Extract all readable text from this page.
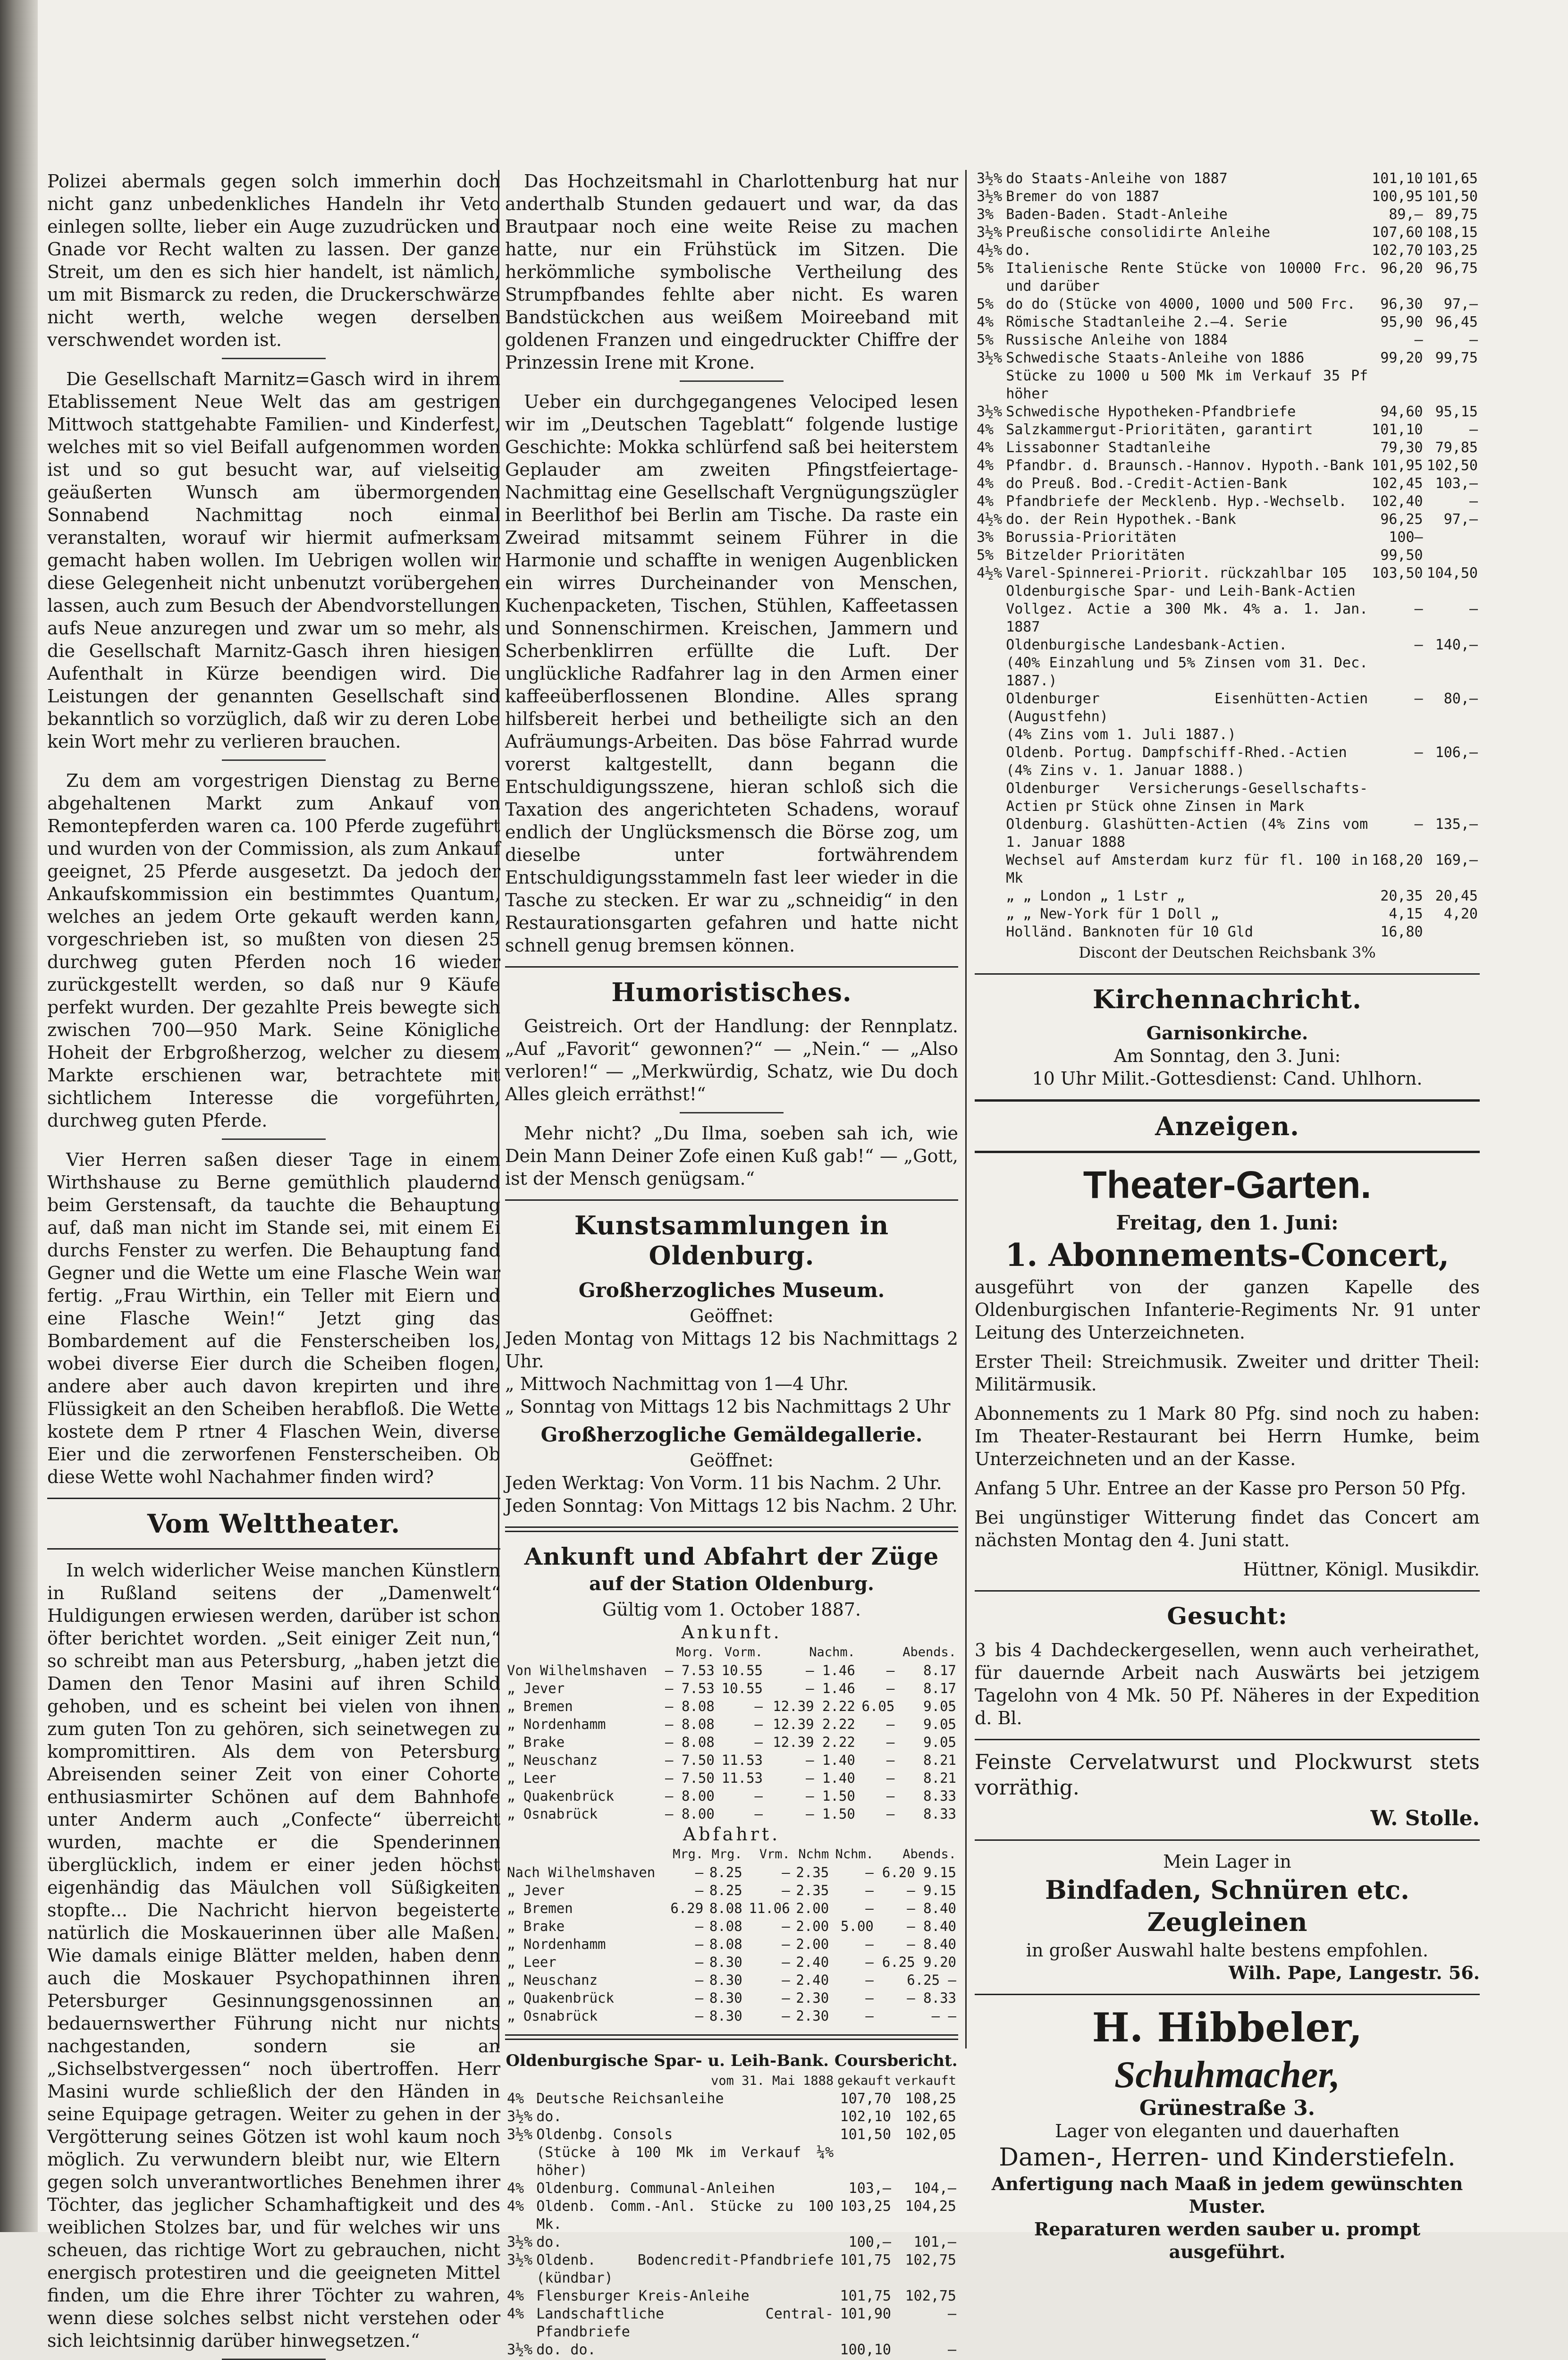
Polizei abermals gegen solch immerhin doch nicht ganz unbedenkliches Handeln ihr Veto einlegen sollte, lieber ein Auge zuzudrücken und Gnade vor Recht walten zu lassen. Der ganze Streit, um den es sich hier handelt, ist nämlich, um mit Bismarck zu reden, die Druckerschwärze nicht werth, welche wegen derselben verschwendet worden ist.

Die Gesellschaft Marnitz=Gasch wird in ihrem Etablissement Neue Welt das am gestrigen Mittwoch stattgehabte Familien- und Kinderfest, welches mit so viel Beifall aufgenommen worden ist und so gut besucht war, auf vielseitig geäußerten Wunsch am übermorgenden Sonnabend Nachmittag noch einmal veranstalten, worauf wir hiermit aufmerksam gemacht haben wollen. Im Uebrigen wollen wir diese Gelegenheit nicht unbenutzt vorübergehen lassen, auch zum Besuch der Abendvorstellungen aufs Neue anzuregen und zwar um so mehr, als die Gesellschaft Marnitz-Gasch ihren hiesigen Aufenthalt in Kürze beendigen wird. Die Leistungen der genannten Gesellschaft sind bekanntlich so vorzüglich, daß wir zu deren Lobe kein Wort mehr zu verlieren brauchen.

Zu dem am vorgestrigen Dienstag zu Berne abgehaltenen Markt zum Ankauf von Remontepferden waren ca. 100 Pferde zugeführt und wurden von der Commission, als zum Ankauf geeignet, 25 Pferde ausgesetzt. Da jedoch der Ankaufskommission ein bestimmtes Quantum, welches an jedem Orte gekauft werden kann, vorgeschrieben ist, so mußten von diesen 25 durchweg guten Pferden noch 16 wieder zurückgestellt werden, so daß nur 9 Käufe perfekt wurden. Der gezahlte Preis bewegte sich zwischen 700—950 Mark. Seine Königliche Hoheit der Erbgroßherzog, welcher zu diesem Markte erschienen war, betrachtete mit sichtlichem Interesse die vorgeführten, durchweg guten Pferde.

Vier Herren saßen dieser Tage in einem Wirthshause zu Berne gemüthlich plaudernd beim Gerstensaft, da tauchte die Behauptung auf, daß man nicht im Stande sei, mit einem Ei durchs Fenster zu werfen. Die Behauptung fand Gegner und die Wette um eine Flasche Wein war fertig. „Frau Wirthin, ein Teller mit Eiern und eine Flasche Wein!“ Jetzt ging das Bombardement auf die Fensterscheiben los, wobei diverse Eier durch die Scheiben flogen, andere aber auch davon krepirten und ihre Flüssigkeit an den Scheiben herabfloß. Die Wette kostete dem P rtner 4 Flaschen Wein, diverse Eier und die zerworfenen Fensterscheiben. Ob diese Wette wohl Nachahmer finden wird?

Vom Welttheater.

In welch widerlicher Weise manchen Künstlern in Rußland seitens der „Damenwelt“ Huldigungen erwiesen werden, darüber ist schon öfter berichtet worden. „Seit einiger Zeit nun,“ so schreibt man aus Petersburg, „haben jetzt die Damen den Tenor Masini auf ihren Schild gehoben, und es scheint bei vielen von ihnen zum guten Ton zu gehören, sich seinetwegen zu kompromittiren. Als dem von Petersburg Abreisenden seiner Zeit von einer Cohorte enthusiasmirter Schönen auf dem Bahnhofe unter Anderm auch „Confecte“ überreicht wurden, machte er die Spenderinnen überglücklich, indem er einer jeden höchst eigenhändig das Mäulchen voll Süßigkeiten stopfte... Die Nachricht hiervon begeisterte natürlich die Moskauerinnen über alle Maßen. Wie damals einige Blätter melden, haben denn auch die Moskauer Psychopathinnen ihren Petersburger Gesinnungsgenossinnen an bedauernswerther Führung nicht nur nichts nachgestanden, sondern sie an „Sichselbstvergessen“ noch übertroffen. Herr Masini wurde schließlich der den Händen in seine Equipage getragen. Weiter zu gehen in der Vergötterung seines Götzen ist wohl kaum noch möglich. Zu verwundern bleibt nur, wie Eltern gegen solch unverantwortliches Benehmen ihrer Töchter, das jeglicher Schamhaftigkeit und des weiblichen Stolzes bar, und für welches wir uns scheuen, das richtige Wort zu gebrauchen, nicht energisch protestiren und die geeigneten Mittel finden, um die Ehre ihrer Töchter zu wahren, wenn diese solches selbst nicht verstehen oder sich leichtsinnig darüber hinwegsetzen.“

Das Hochzeitsmahl in Charlottenburg hat nur anderthalb Stunden gedauert und war, da das Brautpaar noch eine weite Reise zu machen hatte, nur ein Frühstück im Sitzen. Die herkömmliche symbolische Vertheilung des Strumpfbandes fehlte aber nicht. Es waren Bandstückchen aus weißem Moireeband mit goldenen Franzen und eingedruckter Chiffre der Prinzessin Irene mit Krone.

Ueber ein durchgegangenes Velociped lesen wir im „Deutschen Tageblatt“ folgende lustige Geschichte: Mokka schlürfend saß bei heiterstem Geplauder am zweiten Pfingstfeiertage-Nachmittag eine Gesellschaft Vergnügungszügler in Beerlithof bei Berlin am Tische. Da raste ein Zweirad mitsammt seinem Führer in die Harmonie und schaffte in wenigen Augenblicken ein wirres Durcheinander von Menschen, Kuchenpacketen, Tischen, Stühlen, Kaffeetassen und Sonnenschirmen. Kreischen, Jammern und Scherbenklirren erfüllte die Luft. Der unglückliche Radfahrer lag in den Armen einer kaffeeüberflossenen Blondine. Alles sprang hilfsbereit herbei und betheiligte sich an den Aufräumungs-Arbeiten. Das böse Fahrrad wurde vorerst kaltgestellt, dann begann die Entschuldigungsszene, hieran schloß sich die Taxation des angerichteten Schadens, worauf endlich der Unglücksmensch die Börse zog, um dieselbe unter fortwährendem Entschuldigungsstammeln fast leer wieder in die Tasche zu stecken. Er war zu „schneidig“ in den Restaurationsgarten gefahren und hatte nicht schnell genug bremsen können.

Humoristisches.

Geistreich. Ort der Handlung: der Rennplatz. „Auf „Favorit“ gewonnen?“ — „Nein.“ — „Also verloren!“ — „Merkwürdig, Schatz, wie Du doch Alles gleich erräthst!“

Mehr nicht? „Du Ilma, soeben sah ich, wie Dein Mann Deiner Zofe einen Kuß gab!“ — „Gott, ist der Mensch genügsam.“

Kunstsammlungen in Oldenburg.
Großherzogliches Museum.

Geöffnet:

Jeden Montag von Mittags 12 bis Nachmittags 2 Uhr.

„ Mittwoch Nachmittag von 1—4 Uhr.

„ Sonntag von Mittags 12 bis Nachmittags 2 Uhr

Großherzogliche Gemäldegallerie.

Geöffnet:

Jeden Werktag: Von Vorm. 11 bis Nachm. 2 Uhr.

Jeden Sonntag: Von Mittags 12 bis Nachm. 2 Uhr.

Ankunft und Abfahrt der Züge
auf der Station Oldenburg.

Gültig vom 1. October 1887.

Ankunft.

	Morg.	Vorm.	Nachm.		Abends.
Von Wilhelmshaven	— 7.53	10.55	— 1.46	—	8.17
„ Jever	— 7.53	10.55	— 1.46	—	8.17
„ Bremen	— 8.08	—	12.39 2.22	6.05	9.05
„ Nordenhamm	— 8.08	—	12.39 2.22	—	9.05
„ Brake	— 8.08	—	12.39 2.22	—	9.05
„ Neuschanz	— 7.50	11.53	— 1.40	—	8.21
„ Leer	— 7.50	11.53	— 1.40	—	8.21
„ Quakenbrück	— 8.00	—	— 1.50	—	8.33
„ Osnabrück	— 8.00	—	— 1.50	—	8.33

Abfahrt.

	Mrg.	Mrg.	Vrm.	Nchm	Nchm.	Abends.
Nach Wilhelmshaven	—	8.25	—	2.35	—	6.20 9.15
„ Jever	—	8.25	—	2.35	—	— 9.15
„ Bremen	6.29	8.08	11.06	2.00	—	— 8.40
„ Brake	—	8.08	—	2.00	5.00	— 8.40
„ Nordenhamm	—	8.08	—	2.00	—	— 8.40
„ Leer	—	8.30	—	2.40	—	6.25 9.20
„ Neuschanz	—	8.30	—	2.40	—	6.25 —
„ Quakenbrück	—	8.30	—	2.30	—	— 8.33
„ Osnabrück	—	8.30	—	2.30	—	— —

Oldenburgische Spar- u. Leih-Bank. Coursbericht.

	vom 31. Mai 1888	gekauft	verkauft
4%	Deutsche Reichsanleihe	107,70	108,25
3½%	do.	102,10	102,65
3½%	Oldenbg. Consols	101,50	102,05
	(Stücke à 100 Mk im Verkauf ¼% höher)		
4%	Oldenburg. Communal-Anleihen	103,—	104,—
4%	Oldenb. Comm.-Anl. Stücke zu 100 Mk.	103,25	104,25
3½%	do.	100,—	101,—
3½%	Oldenb. Bodencredit-Pfandbriefe (kündbar)	101,75	102,75
4%	Flensburger Kreis-Anleihe	101,75	102,75
4%	Landschaftliche Central-Pfandbriefe	101,90	—
3½%	do. do.	100,10	—

3½%	do Staats-Anleihe von 1887	101,10	101,65
3½%	Bremer do von 1887	100,95	101,50
3%	Baden-Baden. Stadt-Anleihe	89,—	89,75
3½%	Preußische consolidirte Anleihe	107,60	108,15
4½%	do.	102,70	103,25
5%	Italienische Rente Stücke von 10000 Frc. und darüber	96,20	96,75
5%	do do (Stücke von 4000, 1000 und 500 Frc.	96,30	97,—
4%	Römische Stadtanleihe 2.—4. Serie	95,90	96,45
5%	Russische Anleihe von 1884	—	—
3½%	Schwedische Staats-Anleihe von 1886	99,20	99,75
	Stücke zu 1000 u 500 Mk im Verkauf 35 Pf höher		
3½%	Schwedische Hypotheken-Pfandbriefe	94,60	95,15
4%	Salzkammergut-Prioritäten, garantirt	101,10	—
4%	Lissabonner Stadtanleihe	79,30	79,85
4%	Pfandbr. d. Braunsch.-Hannov. Hypoth.-Bank	101,95	102,50
4%	do Preuß. Bod.-Credit-Actien-Bank	102,45	103,—
4%	Pfandbriefe der Mecklenb. Hyp.-Wechselb.	102,40	—
4½%	do. der Rein Hypothek.-Bank	96,25	97,—
3%	Borussia-Prioritäten	100—	
5%	Bitzelder Prioritäten	99,50	
4½%	Varel-Spinnerei-Priorit. rückzahlbar 105	103,50	104,50
	Oldenburgische Spar- und Leih-Bank-Actien		
	Vollgez. Actie a 300 Mk. 4% a. 1. Jan. 1887	—	—
	Oldenburgische Landesbank-Actien.	—	140,—
	(40% Einzahlung und 5% Zinsen vom 31. Dec. 1887.)		
	Oldenburger Eisenhütten-Actien (Augustfehn)	—	80,—
	(4% Zins vom 1. Juli 1887.)		
	Oldenb. Portug. Dampfschiff-Rhed.-Actien	—	106,—
	(4% Zins v. 1. Januar 1888.)		
	Oldenburger Versicherungs-Gesellschafts-Actien pr Stück ohne Zinsen in Mark		
	Oldenburg. Glashütten-Actien (4% Zins vom 1. Januar 1888	—	135,—
	Wechsel auf Amsterdam kurz für fl. 100 in Mk	168,20	169,—
	„ „ London „ 1 Lstr „	20,35	20,45
	„ „ New-York für 1 Doll „	4,15	4,20
	Holländ. Banknoten für 10 Gld	16,80	

Discont der Deutschen Reichsbank 3%

Kirchennachricht.

Garnisonkirche.

Am Sonntag, den 3. Juni:

10 Uhr Milit.-Gottesdienst: Cand. Uhlhorn.

Anzeigen.
Theater-Garten.

Freitag, den 1. Juni:

1. Abonnements-Concert,

ausgeführt von der ganzen Kapelle des Oldenburgischen Infanterie-Regiments Nr. 91 unter Leitung des Unterzeichneten.

Erster Theil: Streichmusik. Zweiter und dritter Theil: Militärmusik.

Abonnements zu 1 Mark 80 Pfg. sind noch zu haben: Im Theater-Restaurant bei Herrn Humke, beim Unterzeichneten und an der Kasse.

Anfang 5 Uhr. Entree an der Kasse pro Person 50 Pfg.

Bei ungünstiger Witterung findet das Concert am nächsten Montag den 4. Juni statt.

Hüttner, Königl. Musikdir.

Gesucht:

3 bis 4 Dachdeckergesellen, wenn auch verheirathet, für dauernde Arbeit nach Auswärts bei jetzigem Tagelohn von 4 Mk. 50 Pf. Näheres in der Expedition d. Bl.

Feinste Cervelatwurst und Plockwurst stets vorräthig.

W. Stolle.

Mein Lager in

Bindfaden, Schnüren etc.
Zeugleinen

in großer Auswahl halte bestens empfohlen.

Wilh. Pape, Langestr. 56.

H. Hibbeler,
Schuhmacher,

Grünestraße 3.

Lager von eleganten und dauerhaften

Damen-, Herren- und Kinderstiefeln.

Anfertigung nach Maaß in jedem gewünschten Muster.

Reparaturen werden sauber u. prompt ausgeführt.
